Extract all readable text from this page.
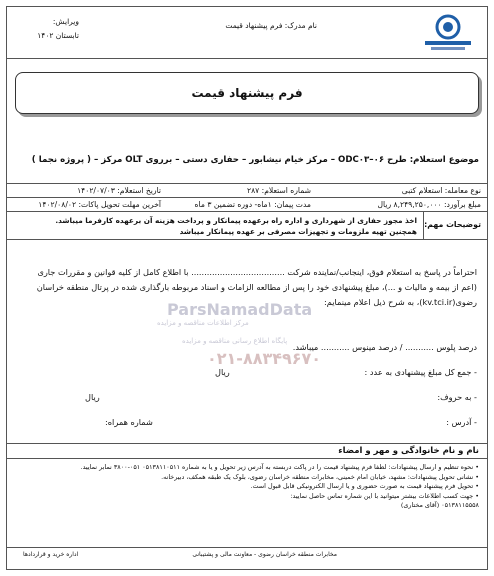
نام مدرک: فرم پیشنهاد قیمت
ویرایش:
تابستان ۱۴۰۲
فرم پیشنهاد قیمت
موضوع استعلام: طرح ۰۶–ODC۰۳ – مرکز خیام نیشابور – حفاری دستی – برروی OLT مرکز – ( پروژه نجما )
نوع معامله: استعلام کتبی
شماره استعلام: ۲۸۷
تاریخ استعلام: ۱۴۰۲/۰۷/۰۳
مبلغ برآورد: ۸,۲۴۹,۲۵۰,۰۰۰ ریال
مدت پیمان: ۱ماه- دوره تضمین ۳ ماه
آخرین مهلت تحویل پاکات: ۱۴۰۲/۰۸/۰۲
توضیحات مهم:
اخذ مجوز حفاری از شهرداری و اداره راه برعهده پیمانکار و پرداخت هزینه آن برعهده کارفرما میباشد.
همچنین تهیه ملزومات و تجهیزات مصرفی بر عهده پیمانکار میباشد
احتراماً در پاسخ به استعلام فوق، اینجانب/نماینده شرکت .................................... با اطلاع کامل از کلیه قوانین و مقررات جاری
(اعم از بیمه و مالیات و ...)، مبلغ پیشنهادی خود را پس از مطالعه الزامات و اسناد مربوطه بارگذاری شده در پرتال منطقه خراسان
رضوی(kv.tci.ir)، به شرح ذیل اعلام مینمایم:
ParsNamadData
مرکز اطلاعات مناقصه و مزایده
پایگاه اطلاع رسانی مناقصه و مزایده
۰۲۱-۸۸۳۴۹۶۷۰
درصد پلوس ........... / درصد مینوس ........... میباشد.
- جمع کل مبلغ پیشنهادی به عدد :
ریال
- به حروف:
ریال
- آدرس :
شماره همراه:
نام و نام خانوادگی و مهر و امضاء
• نحوه تنظیم و ارسال پیشنهادات: لطفا فرم پیشنهاد قیمت را در پاکت دربسته به آدرس زیر تحویل و یا به شماره ۰۵۱۳۸۱۱۰۵۱۱ ۰۵۱-۳۸۰۰ نمابر نمایید.
• نشانی تحویل پیشنهادات: مشهد، خیابان امام خمینی، مخابرات منطقه خراسان رضوی، بلوک یک طبقه همکف، دبیرخانه.
• تحویل فرم پیشنهاد قیمت به صورت حضوری و یا ارسال الکترونیکی قابل قبول است.
• جهت کسب اطلاعات بیشتر میتوانید با این شماره تماس حاصل نمایید:
۰۵۱۳۸۱۱۵۵۵۸ (آقای مختاری)
مخابرات منطقه خراسان رضوی - معاونت مالی و پشتیبانی
اداره خرید و قراردادها
